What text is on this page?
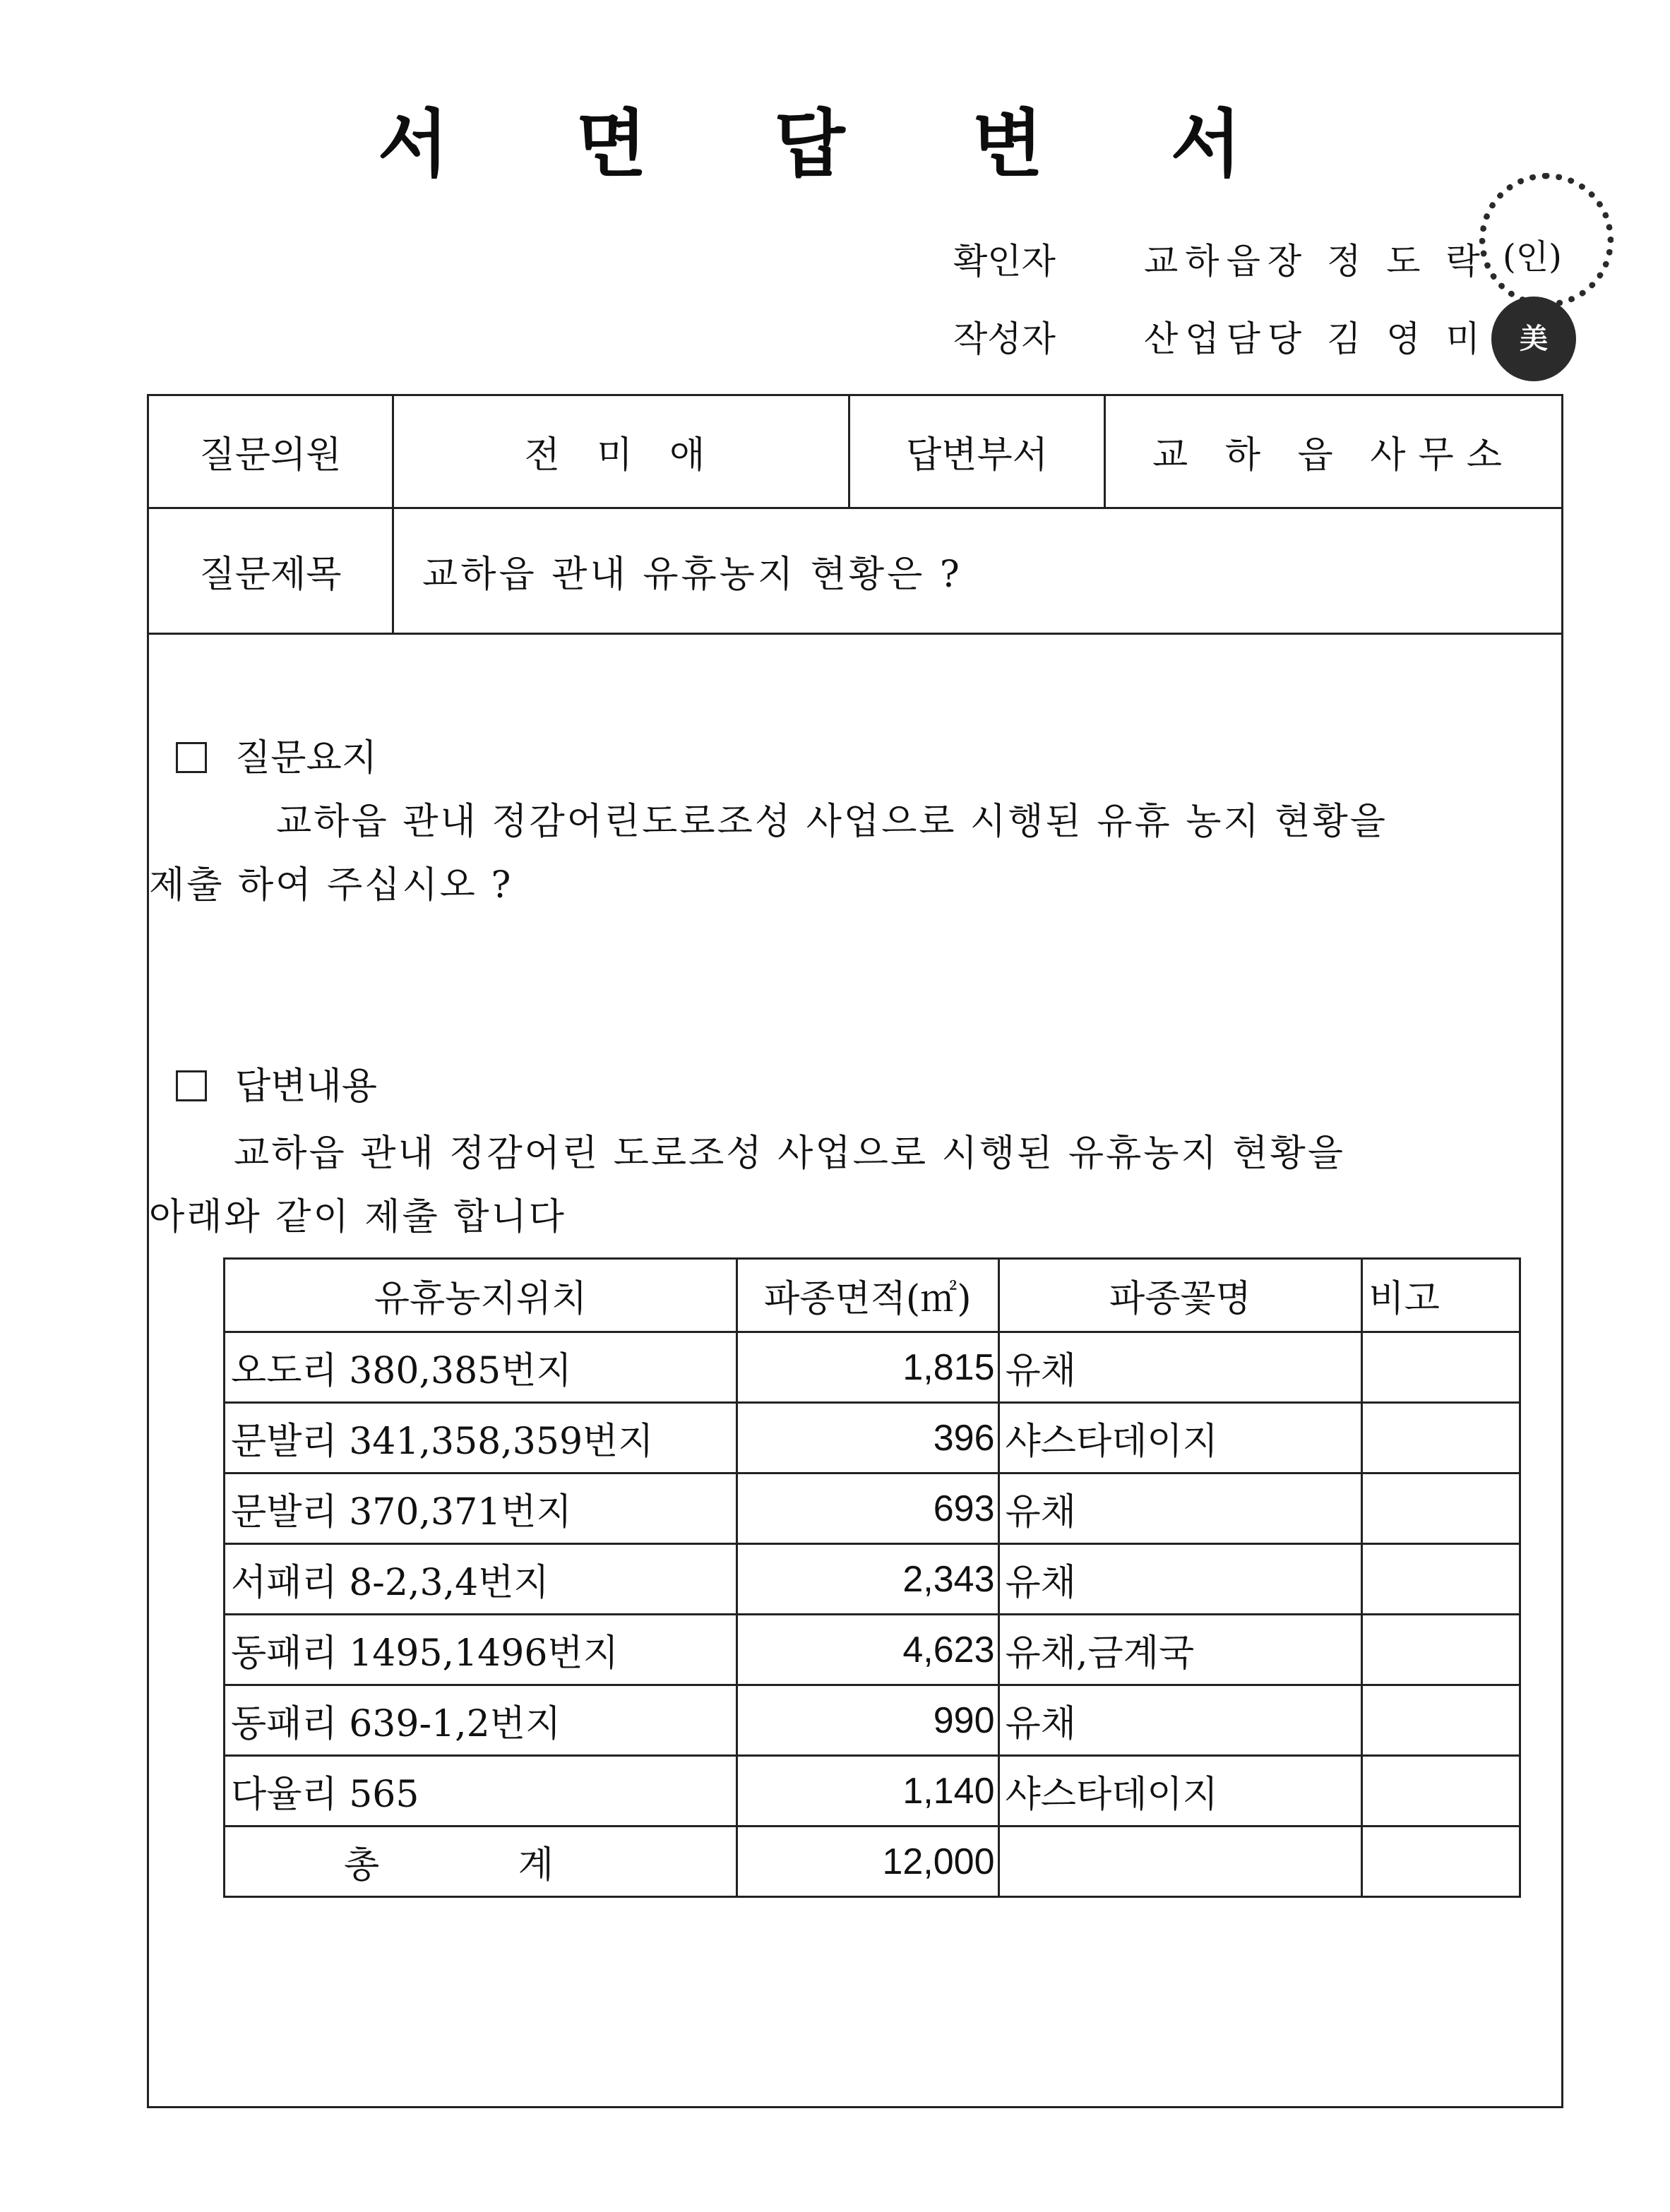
서 면 답 변 서
확인자	교하읍장 정 도 락
작성자	산업담당 김 영 미
(인)
美
질문의원	전 미 애	답변부서	교 하 읍 사무소
질문제목	교하읍 관내 유휴농지 현황은 ?
질문요지
교하읍 관내 정감어린도로조성 사업으로 시행된 유휴 농지 현황을
제출 하여 주십시오 ?
답변내용
교하읍 관내 정감어린 도로조성 사업으로 시행된 유휴농지 현황을
아래와 같이 제출 합니다
유휴농지위치	파종면적(㎡)	파종꽃명	비고
오도리 380,385번지	1,815	유채	
문발리 341,358,359번지	396	샤스타데이지	
문발리 370,371번지	693	유채	
서패리 8-2,3,4번지	2,343	유채	
동패리 1495,1496번지	4,623	유채,금계국	
동패리 639-1,2번지	990	유채	
다율리 565	1,140	샤스타데이지	
총 계	12,000		
